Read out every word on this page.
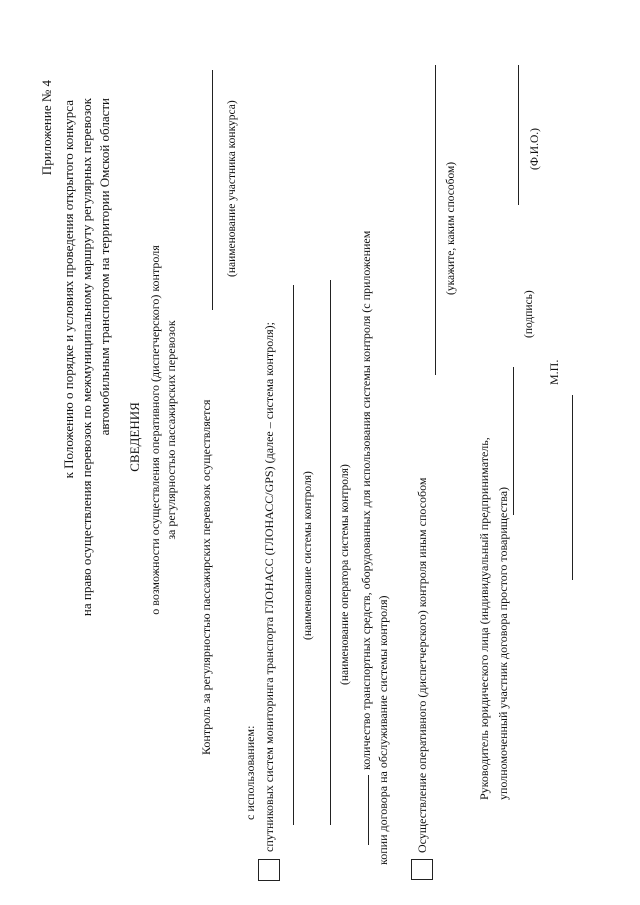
Приложение № 4 к Положению о порядке и условиях проведения открытого конкурса на право осуществления перевозок по межмуниципальному маршруту регулярных перевозок автомобильным транспортом на территории Омской области
СВЕДЕНИЯ о возможности осуществления оперативного (диспетчерского) контроля за регулярностью пассажирских перевозок Контроль за регулярностью пассажирских перевозок осуществляется
(наименование участника конкурса)
с использованием: спутниковых систем мониторинга транспорта ГЛОНАСС (ГЛОНАСС/GPS) (далее – система контроля); (наименование системы контроля) (наименование оператора системы контроля) количество транспортных средств, оборудованных для использования системы контроля (с приложением копии договора на обслуживание системы контроля) Осуществление оперативного (диспетчерского) контроля иным способом
(укажите, каким способом)
Руководитель юридического лица (индивидуальный предприниматель, уполномоченный участник договора простого товарищества)
(подпись)
(Ф.И.О.)
М.П.
